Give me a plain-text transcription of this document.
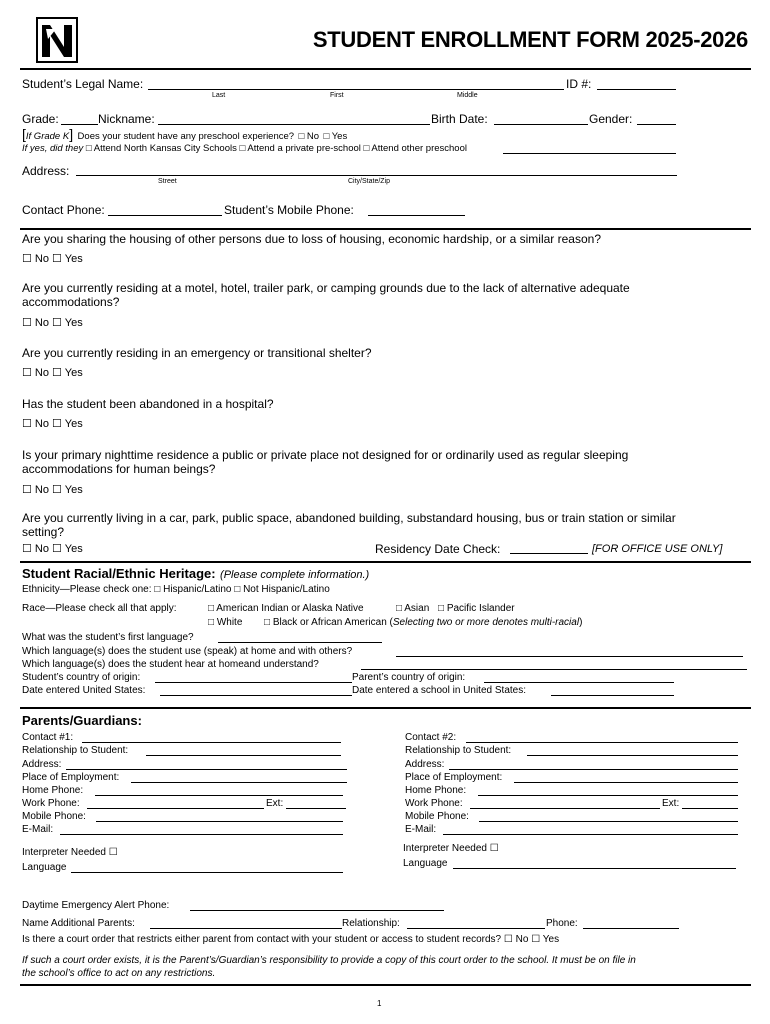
STUDENT ENROLLMENT FORM 2025-2026
Student’s Legal Name:
Last	First	Middle
ID #:
Grade:	Nickname:	Birth Date:	Gender:
[If Grade K] Does your student have any preschool experience? □ No □ Yes
If yes, did they □ Attend North Kansas City Schools □ Attend a private pre-school □ Attend other preschool
Address:
Street	City/State/Zip
Contact Phone:	Student’s Mobile Phone:
Are you sharing the housing of other persons due to loss of housing, economic hardship, or a similar reason?
☐ No ☐ Yes
Are you currently residing at a motel, hotel, trailer park, or camping grounds due to the lack of alternative adequate
accommodations?
☐ No ☐ Yes
Are you currently residing in an emergency or transitional shelter?
☐ No ☐ Yes
Has the student been abandoned in a hospital?
☐ No ☐ Yes
Is your primary nighttime residence a public or private place not designed for or ordinarily used as regular sleeping
accommodations for human beings?
☐ No ☐ Yes
Are you currently living in a car, park, public space, abandoned building, substandard housing, bus or train station or similar
setting?
☐ No ☐ Yes	Residency Date Check:	[FOR OFFICE USE ONLY]
Student Racial/Ethnic Heritage: (Please complete information.)
Ethnicity—Please check one: □ Hispanic/Latino □ Not Hispanic/Latino
Race—Please check all that apply:	□ American Indian or Alaska Native	□ Asian □ Pacific Islander
□ White □ Black or African American (Selecting two or more denotes multi-racial)
What was the student’s first language?
Which language(s) does the student use (speak) at home and with others?
Which language(s) does the student hear at homeand understand?
Student’s country of origin:	Parent’s country of origin:
Date entered United States:	Date entered a school in United States:
Parents/Guardians:
Contact #1:
Relationship to Student:
Address:
Place of Employment:
Home Phone:
Work Phone:	Ext:
Mobile Phone:
E-Mail:
Interpreter Needed ☐
Language
Contact #2:
Relationship to Student:
Address:
Place of Employment:
Home Phone:
Work Phone:	Ext:
Mobile Phone:
E-Mail:
Interpreter Needed ☐
Language
Daytime Emergency Alert Phone:
Name Additional Parents:	Relationship:	Phone:
Is there a court order that restricts either parent from contact with your student or access to student records? ☐ No ☐ Yes
If such a court order exists, it is the Parent’s/Guardian’s responsibility to provide a copy of this court order to the school. It must be on file in
the school’s office to act on any restrictions.
1
